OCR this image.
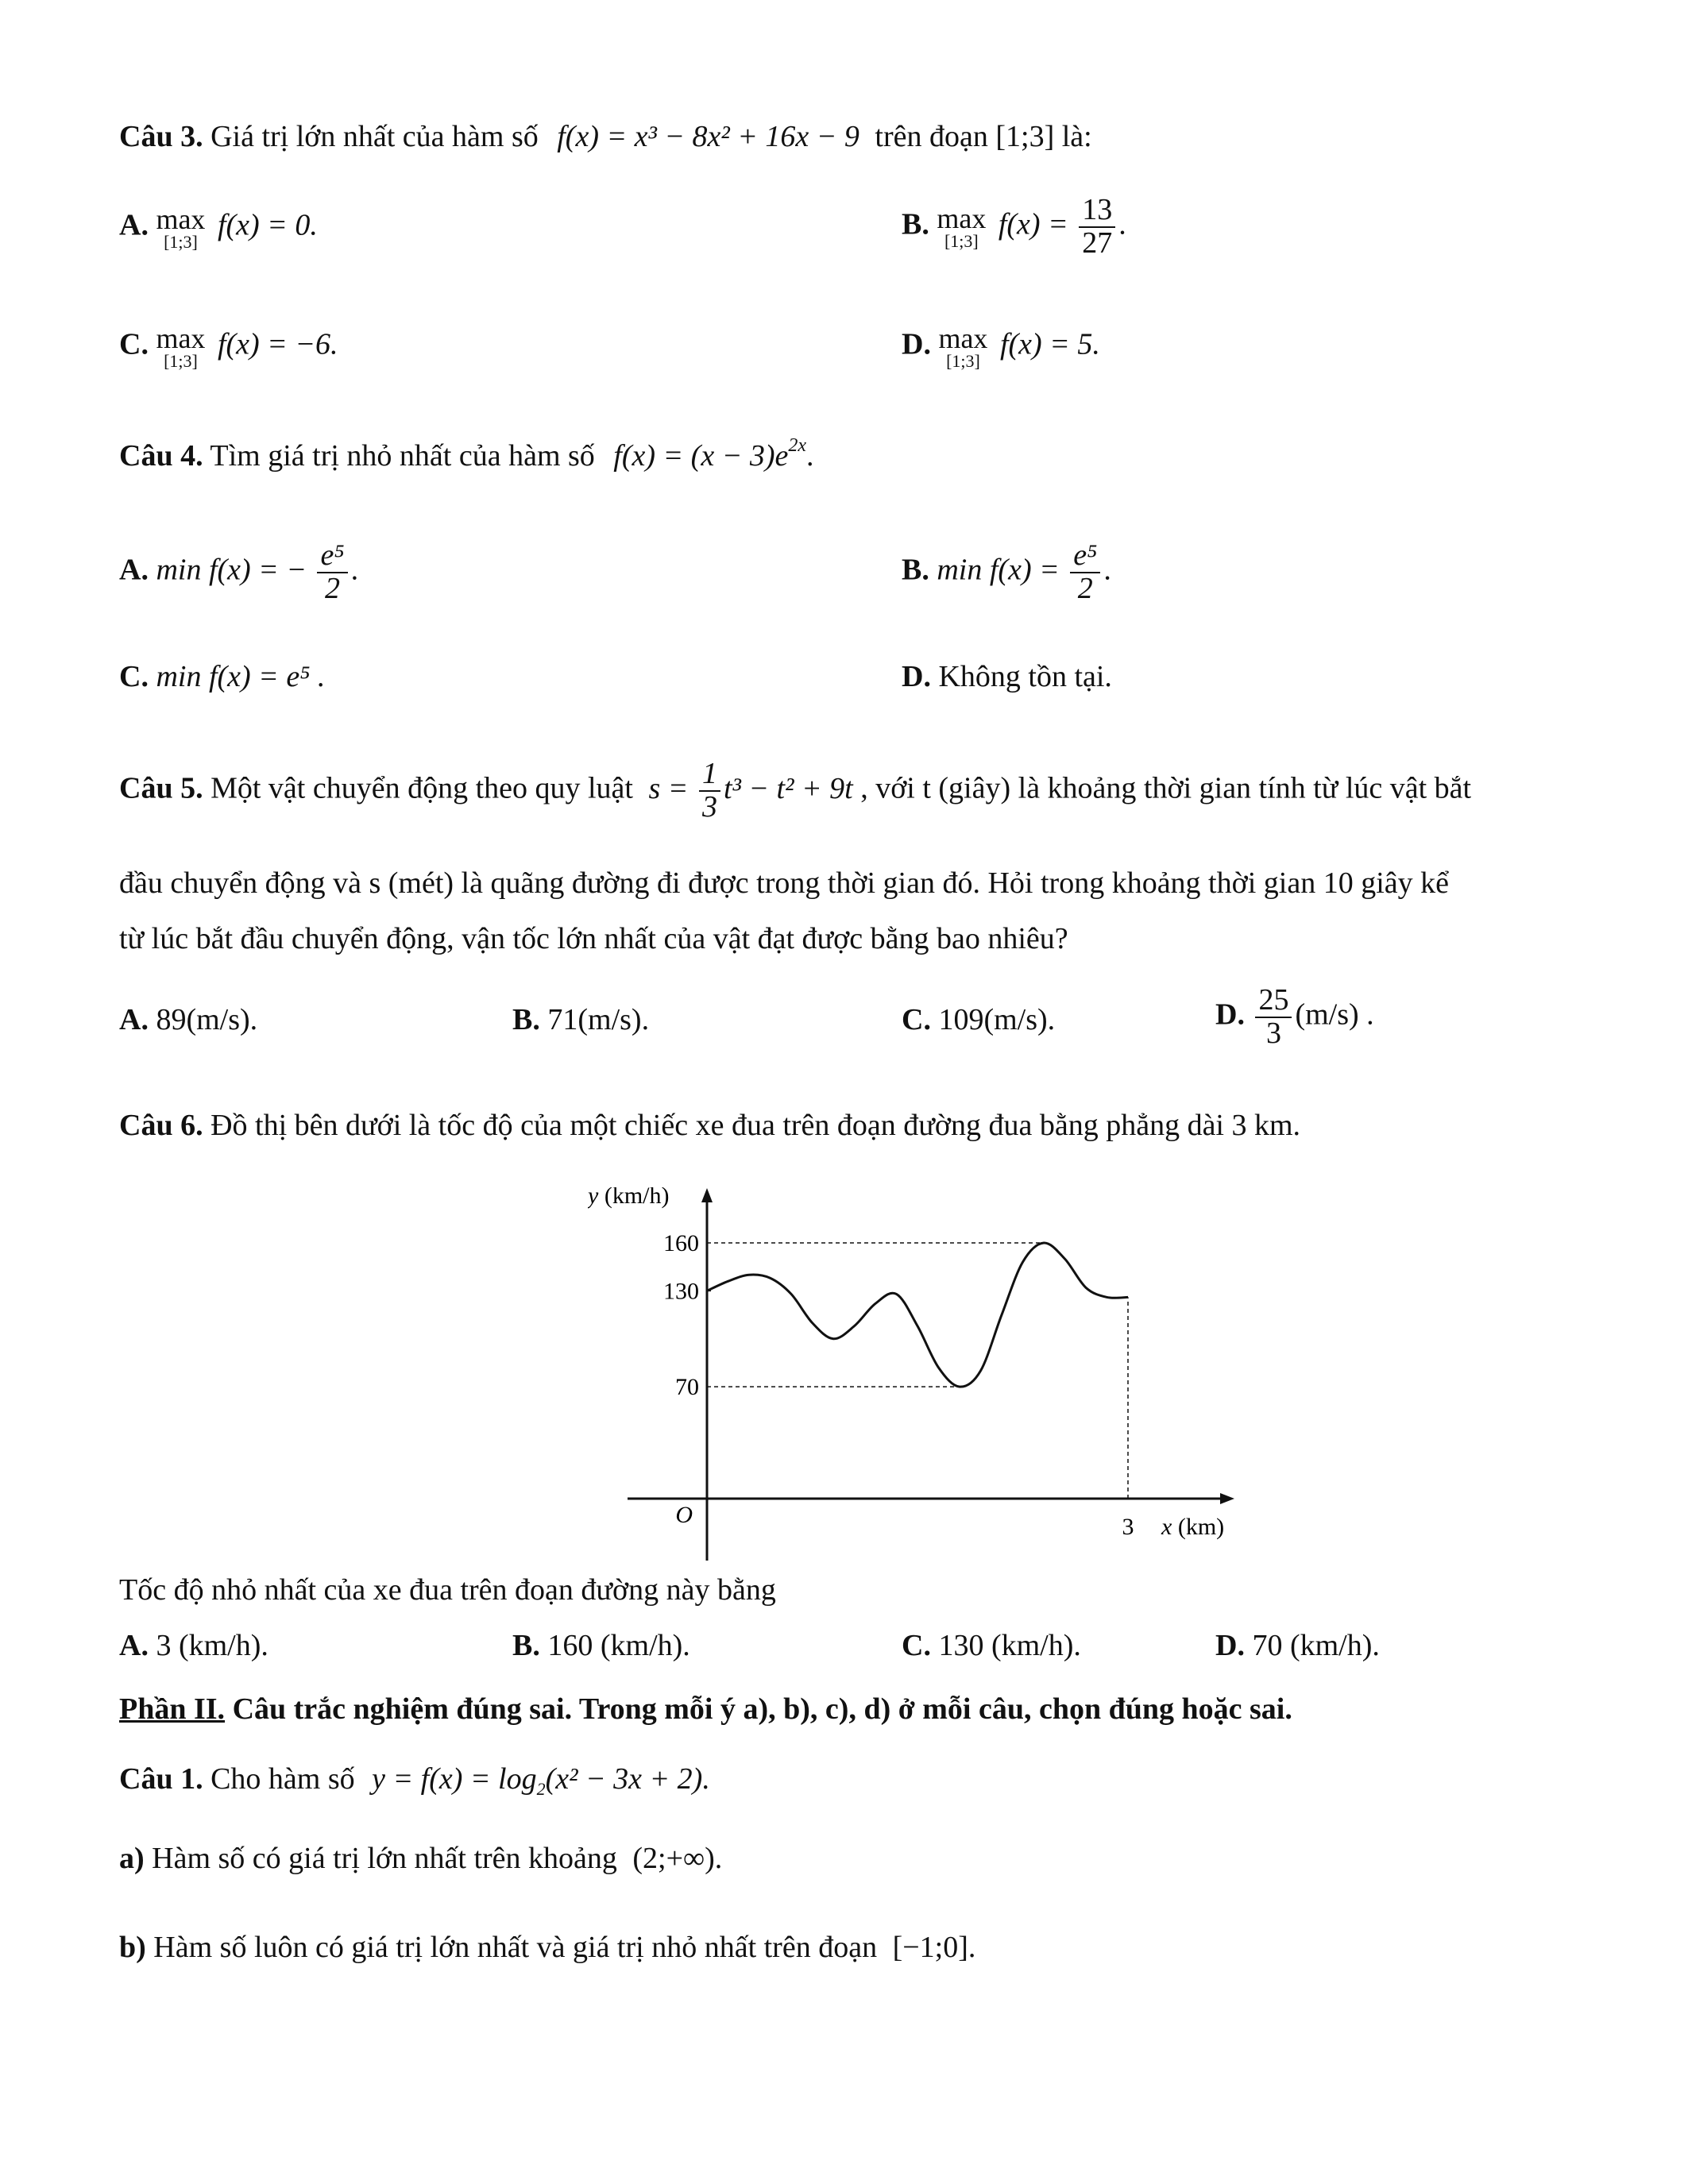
Câu 3. Giá trị lớn nhất của hàm số f(x) = x³ − 8x² + 16x − 9 trên đoạn [1;3] là:
A. max
[1;3] f(x) = 0.	B. max
[1;3] $f(x) = \frac{13}{27}$ .
C. max
[1;3] f(x) = −6.	D. max
[1;3] f(x) = 5.
Câu 4. Tìm giá trị nhỏ nhất của hàm số $f(x) = (x - 3)e^{2x}$.
A. min f(x) = − $\frac{\text{e⁵}}{2}$ .	B. $\min f(x) = \frac{\text{e⁵}}{2}$ .
C. min f(x) = e⁵ .	D. Không tồn tại.
Câu 5. Một vật chuyển động theo quy luật $s = \frac{1}{3} t^3 - t^2 + 9t$ , với t (giây) là khoảng thời gian tính từ lúc vật bắt
đầu chuyển động và s (mét) là quãng đường đi được trong thời gian đó. Hỏi trong khoảng thời gian 10 giây kể
từ lúc bắt đầu chuyển động, vận tốc lớn nhất của vật đạt được bằng bao nhiêu?
A. 89(m/s).	B. 71(m/s).	C. 109(m/s).	D. $\frac{25}{3} (m/s)$ .
Câu 6. Đồ thị bên dưới là tốc độ của một chiếc xe đua trên đoạn đường đua bằng phẳng dài 3 km.
70
130
160
3
O
y (km/h)
x (km)
Tốc độ nhỏ nhất của xe đua trên đoạn đường này bằng
A. 3 (km/h).	B. 160 (km/h).	C. 130 (km/h).	D. 70 (km/h).
Phần II. Câu trắc nghiệm đúng sai. Trong mỗi ý a), b), c), d) ở mỗi câu, chọn đúng hoặc sai.
Câu 1. Cho hàm số $y = f(x) = \log_2(x^2 - 3x + 2)$.
a) Hàm số có giá trị lớn nhất trên khoảng (2;+∞).
b) Hàm số luôn có giá trị lớn nhất và giá trị nhỏ nhất trên đoạn [−1;0].
